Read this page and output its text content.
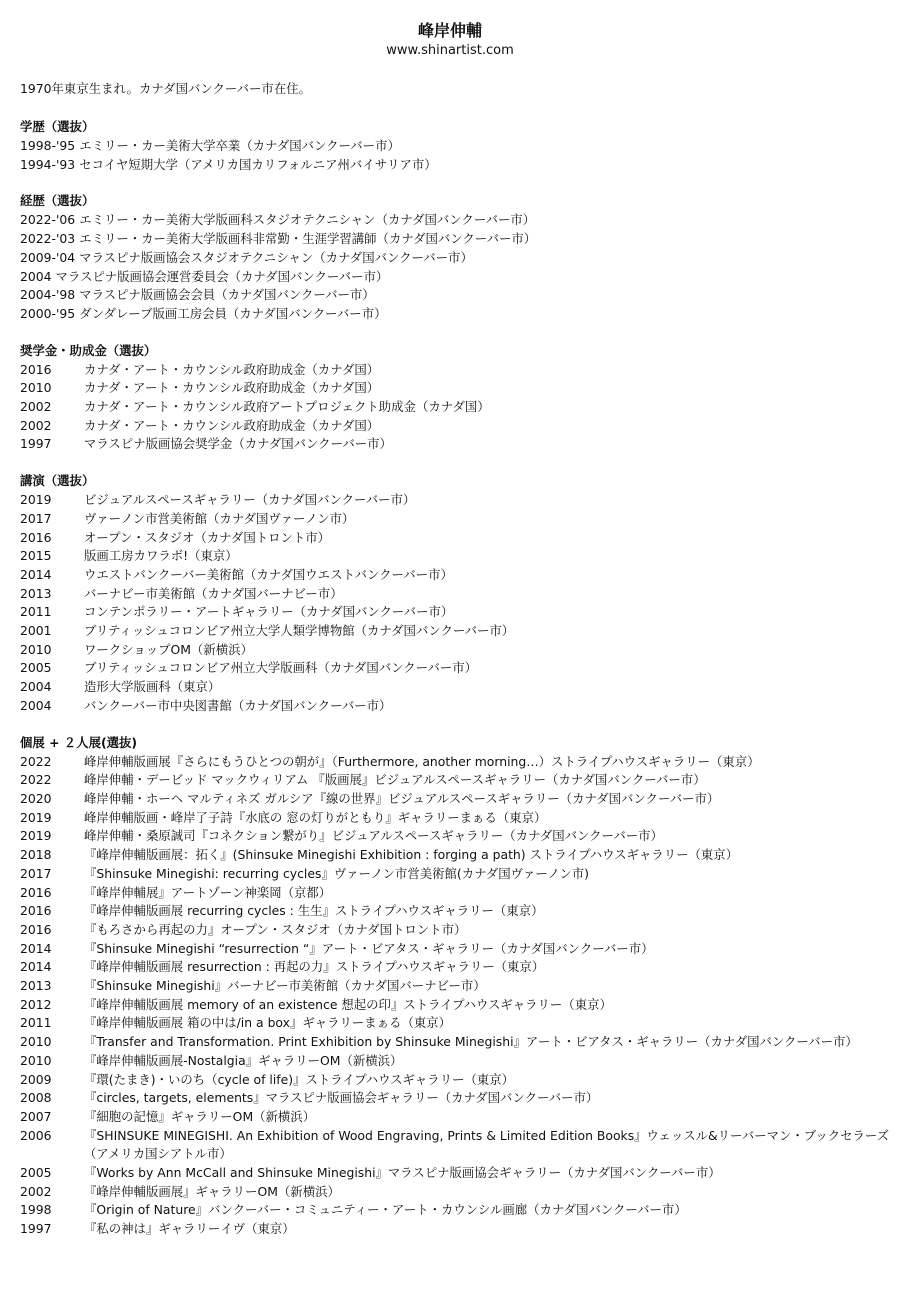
峰岸伸輔
www.shinartist.com

1970年東京生まれ。カナダ国バンクーバー市在住。

学歴（選抜）

1998-'95 エミリー・カー美術大学卒業（カナダ国バンクーバー市）
1994-'93 セコイヤ短期大学（アメリカ国カリフォルニア州バイサリア市）

経歴（選抜）

2022-'06 エミリー・カー美術大学版画科スタジオテクニシャン（カナダ国バンクーバー市）
2022-'03 エミリー・カー美術大学版画科非常勤・生涯学習講師（カナダ国バンクーバー市）
2009-'04 マラスピナ版画協会スタジオテクニシャン（カナダ国バンクーバー市）
2004 マラスピナ版画協会運営委員会（カナダ国バンクーバー市）
2004-'98 マラスピナ版画協会会員（カナダ国バンクーバー市）
2000-'95 ダンダレーブ版画工房会員（カナダ国バンクーバー市）

奨学金・助成金（選抜）

2016	カナダ・アート・カウンシル政府助成金（カナダ国）
2010	カナダ・アート・カウンシル政府助成金（カナダ国）
2002	カナダ・アート・カウンシル政府アートプロジェクト助成金（カナダ国）
2002	カナダ・アート・カウンシル政府助成金（カナダ国）
1997	マラスピナ版画協会奨学金（カナダ国バンクーバー市）

講演（選抜）

2019	ビジュアルスペースギャラリー（カナダ国バンクーバー市）
2017	ヴァーノン市営美術館（カナダ国ヴァーノン市）
2016	オープン・スタジオ（カナダ国トロント市）
2015	版画工房カワラボ!（東京）
2014	ウエストバンクーバー美術館（カナダ国ウエストバンクーバー市）
2013	バーナビー市美術館（カナダ国バーナビー市）
2011	コンテンポラリー・アートギャラリー（カナダ国バンクーバー市）
2001	ブリティッシュコロンビア州立大学人類学博物館（カナダ国バンクーバー市）
2010	ワークショップOM（新横浜）
2005	ブリティッシュコロンビア州立大学版画科（カナダ国バンクーバー市）
2004	造形大学版画科（東京）
2004	バンクーバー市中央図書館（カナダ国バンクーバー市）

個展 + ２人展(選抜)

2022	峰岸伸輔版画展『さらにもうひとつの朝が』（Furthermore, another morning…）ストライプハウスギャラリー（東京）
2022	峰岸伸輔・デービッド マックウィリアム 『版画展』ビジュアルスペースギャラリー（カナダ国バンクーバー市）
2020	峰岸伸輔・ホーヘ マルティネズ ガルシア『線の世界』ビジュアルスペースギャラリー（カナダ国バンクーバー市）
2019	峰岸伸輔版画・峰岸了子詩『水底の 窓の灯りがともり』ギャラリーまぁる（東京）
2019	峰岸伸輔・桑原誠司『コネクション繋がり』ビジュアルスペースギャラリー（カナダ国バンクーバー市）
2018	『峰岸伸輔版画展：拓く』(Shinsuke Minegishi Exhibition : forging a path) ストライプハウスギャラリー（東京）
2017	『Shinsuke Minegishi: recurring cycles』ヴァーノン市営美術館(カナダ国ヴァーノン市)
2016	『峰岸伸輔展』アートゾーン神楽岡（京都）
2016	『峰岸伸輔版画展 recurring cycles : 生生』ストライプハウスギャラリー（東京）
2016	『もろさから再起の力』オープン・スタジオ（カナダ国トロント市）
2014	『Shinsuke Minegishi “resurrection “』アート・ビアタス・ギャラリー（カナダ国バンクーバー市）
2014	『峰岸伸輔版画展 resurrection : 再起の力』ストライプハウスギャラリー（東京）
2013	『Shinsuke Minegishi』バーナビー市美術館（カナダ国バーナビー市）
2012	『峰岸伸輔版画展 memory of an existence 想起の印』ストライプハウスギャラリー（東京）
2011	『峰岸伸輔版画展 箱の中は/in a box』ギャラリーまぁる（東京）
2010	『Transfer and Transformation. Print Exhibition by Shinsuke Minegishi』アート・ビアタス・ギャラリー（カナダ国バンクーバー市）
2010	『峰岸伸輔版画展-Nostalgia』ギャラリーOM（新横浜）
2009	『環(たまき)・いのち（cycle of life)』ストライプハウスギャラリー（東京）
2008	『circles, targets, elements』マラスピナ版画協会ギャラリー（カナダ国バンクーバー市）
2007	『細胞の記憶』ギャラリーOM（新横浜）
2006	『SHINSUKE MINEGISHI. An Exhibition of Wood Engraving, Prints & Limited Edition Books』ウェッスル&リーバーマン・ブックセラーズ（アメリカ国シアトル市）
2005	『Works by Ann McCall and Shinsuke Minegishi』マラスピナ版画協会ギャラリー（カナダ国バンクーバー市）
2002	『峰岸伸輔版画展』ギャラリーOM（新横浜）
1998	『Origin of Nature』バンクーバー・コミュニティー・アート・カウンシル画廊（カナダ国バンクーバー市）
1997	『私の神は』ギャラリーイヴ（東京）
